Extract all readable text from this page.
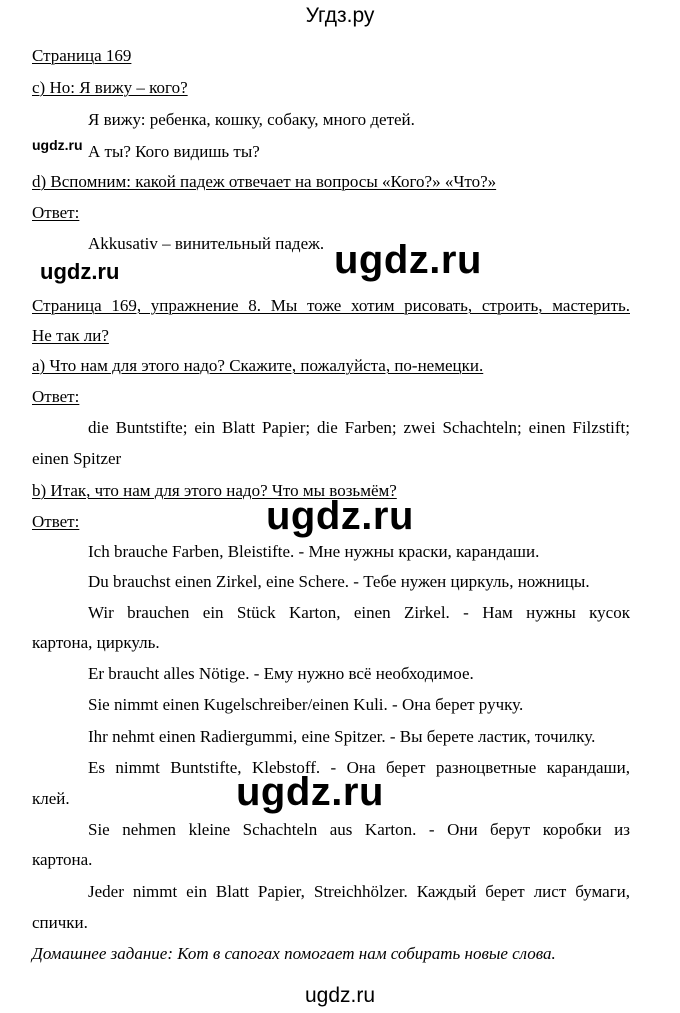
Угдз.ру
Страница 169
c) Но: Я вижу – кого?
Я вижу: ребенка, кошку, собаку, много детей.
ugdz.ru А ты? Кого видишь ты?
d) Вспомним: какой падеж отвечает на вопросы «Кого?» «Что?»
Ответ:
Akkusativ – винительный падеж.
ugdz.ru	ugdz.ru
Страница 169, упражнение 8. Мы тоже хотим рисовать, строить, мастерить.
Не так ли?
a) Что нам для этого надо? Скажите, пожалуйста, по-немецки.
Ответ:
die Buntstifte; ein Blatt Papier; die Farben; zwei Schachteln; einen Filzstift;
einen Spitzer
b) Итак, что нам для этого надо? Что мы возьмём?
Ответ:	ugdz.ru
Ich brauche Farben, Bleistifte. - Мне нужны краски, карандаши.
Du brauchst einen Zirkel, eine Schere. - Тебе нужен циркуль, ножницы.
Wir brauchen ein Stück Karton, einen Zirkel. - Нам нужны кусок
картона, циркуль.
Er braucht alles Nötige. - Ему нужно всё необходимое.
Sie nimmt einen Kugelschreiber/einen Kuli. - Она берет ручку.
Ihr nehmt einen Radiergummi, eine Spitzer. - Вы берете ластик, точилку.
Es nimmt Buntstifte, Klebstoff. - Она берет разноцветные карандаши,
клей.	ugdz.ru
Sie nehmen kleine Schachteln aus Karton. - Они берут коробки из
картона.
Jeder nimmt ein Blatt Papier, Streichhölzer. Каждый берет лист бумаги,
спички.
Домашнее задание: Кот в сапогах помогает нам собирать новые слова.
ugdz.ru
